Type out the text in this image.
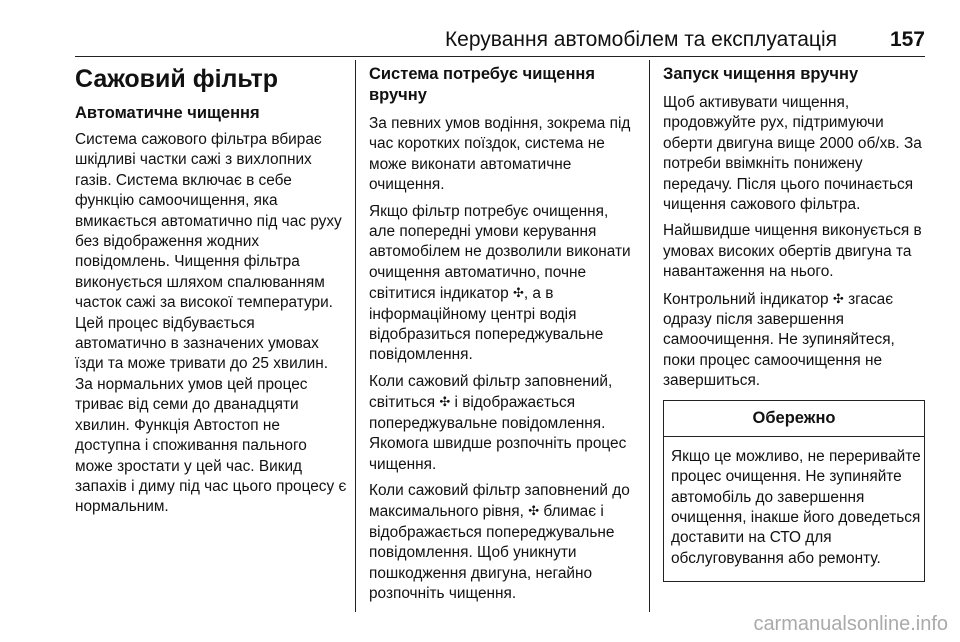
Керування автомобілем та експлуатація	157
Сажовий фільтр
Автоматичне чищення
Система сажового фільтра вбирає шкідливі частки сажі з вихлопних газів. Система включає в себе функцію самоочищення, яка вмикається автоматично під час руху без відображення жодних повідомлень. Чищення фільтра виконується шляхом спалюванням часток сажі за високої температури. Цей процес відбувається автоматично в зазначених умовах їзди та може тривати до 25 хвилин. За нормальних умов цей процес триває від семи до дванадцяти хвилин. Функція Автостоп не доступна і споживання пального може зростати у цей час. Викид запахів і диму під час цього процесу є нормальним.
Система потребує чищення вручну
За певних умов водіння, зокрема під час коротких поїздок, система не може виконати автоматичне очищення.
Якщо фільтр потребує очищення, але попередні умови керування автомобілем не дозволили виконати очищення автоматично, почне світитися індикатор ✣, а в інформаційному центрі водія відобразиться попереджувальне повідомлення.
Коли сажовий фільтр заповнений, світиться ✣ і відображається попереджувальне повідомлення. Якомога швидше розпочніть процес чищення.
Коли сажовий фільтр заповнений до максимального рівня, ✣ блимає і відображається попереджувальне повідомлення. Щоб уникнути пошкодження двигуна, негайно розпочніть чищення.
Запуск чищення вручну
Щоб активувати чищення, продовжуйте рух, підтримуючи оберти двигуна вище 2000 об/хв. За потреби ввімкніть понижену передачу. Після цього починається чищення сажового фільтра.
Найшвидше чищення виконується в умовах високих обертів двигуна та навантаження на нього.
Контрольний індикатор ✣ згасає одразу після завершення самоочищення. Не зупиняйтеся, поки процес самоочищення не завершиться.
Обережно
Якщо це можливо, не переривайте процес очищення. Не зупиняйте автомобіль до завершення очищення, інакше його доведеться доставити на СТО для обслуговування або ремонту.
carmanualsonline.info
